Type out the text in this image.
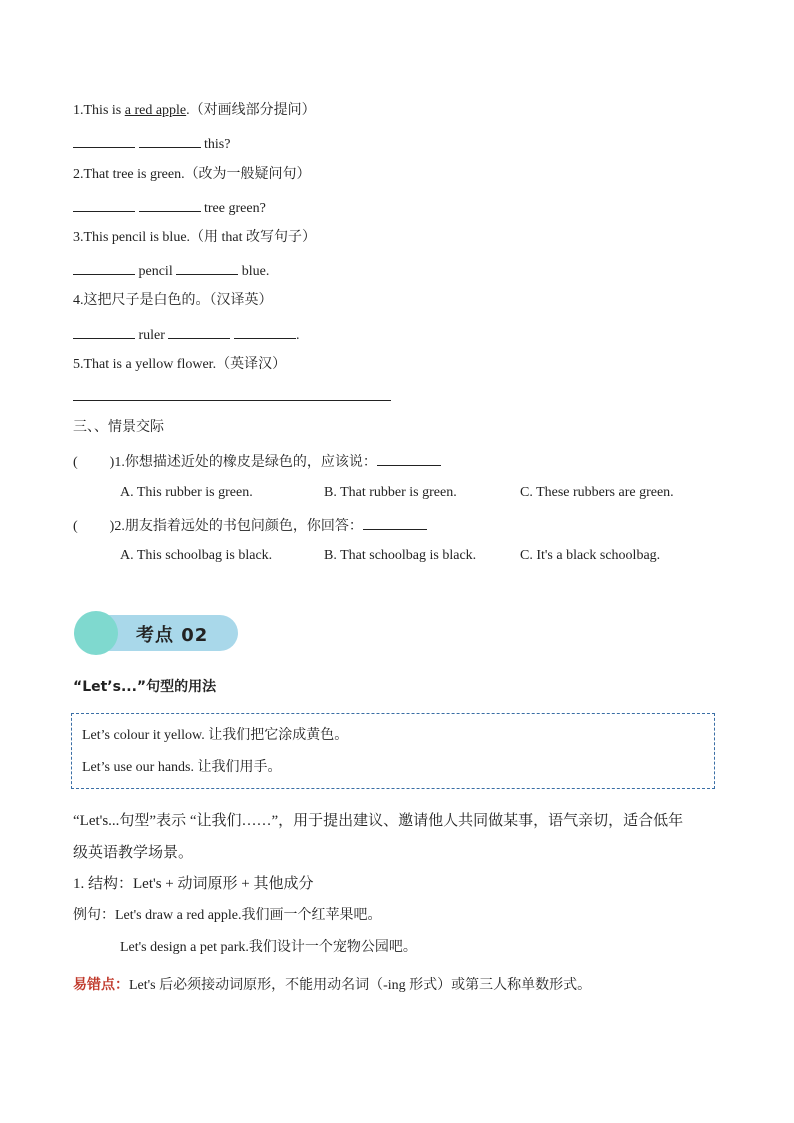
1.This is a red apple.（对画线部分提问）
this?
2.That tree is green.（改为一般疑问句）
tree green?
3.This pencil is blue.（用 that 改写句子）
pencil	blue.
4.这把尺子是白色的。（汉译英）
ruler	.
5.That is a yellow flower.（英译汉）
三、、情景交际
( )1.你想描述近处的橡皮是绿色的，应该说：
A. This rubber is green.	B. That rubber is green.	C. These rubbers are green.
( )2.朋友指着远处的书包问颜色，你回答：
A. This schoolbag is black.	B. That schoolbag is black.	C. It's a black schoolbag.
考点 02
“Let’s...”句型的用法
Let’s colour it yellow. 让我们把它涂成黄色。
Let’s use our hands. 让我们用手。
“Let's...句型”表示 “让我们……”，用于提出建议、邀请他人共同做某事，语气亲切，适合低年
级英语教学场景。
1. 结构：Let's + 动词原形 + 其他成分
例句：Let's draw a red apple.我们画一个红苹果吧。
Let's design a pet park.我们设计一个宠物公园吧。
易错点：Let's 后必须接动词原形，不能用动名词（-ing 形式）或第三人称单数形式。
